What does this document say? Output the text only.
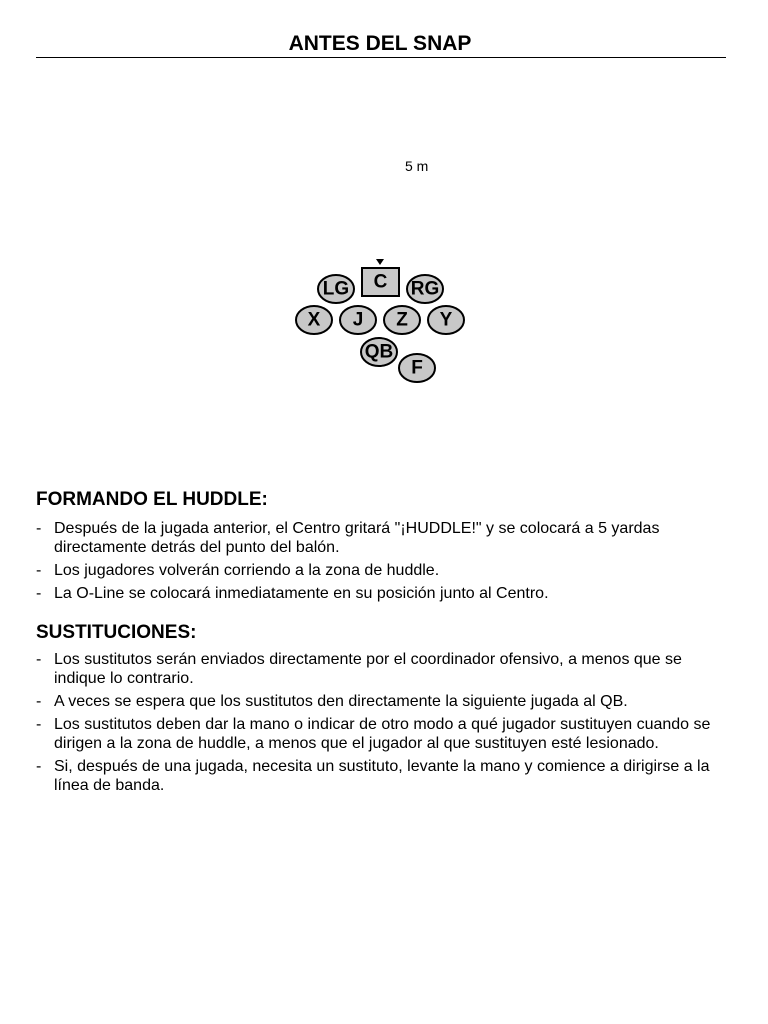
ANTES DEL SNAP
5 m
C
LG	RG
X J Z Y
QB
F
FORMANDO EL HUDDLE:
- Después de la jugada anterior, el Centro gritará "¡HUDDLE!" y se colocará a 5 yardas directamente detrás del punto del balón.
- Los jugadores volverán corriendo a la zona de huddle.
- La O-Line se colocará inmediatamente en su posición junto al Centro.
SUSTITUCIONES:
- Los sustitutos serán enviados directamente por el coordinador ofensivo, a menos que se indique lo contrario.
- A veces se espera que los sustitutos den directamente la siguiente jugada al QB.
- Los sustitutos deben dar la mano o indicar de otro modo a qué jugador sustituyen cuando se dirigen a la zona de huddle, a menos que el jugador al que sustituyen esté lesionado.
- Si, después de una jugada, necesita un sustituto, levante la mano y comience a dirigirse a la línea de banda.
